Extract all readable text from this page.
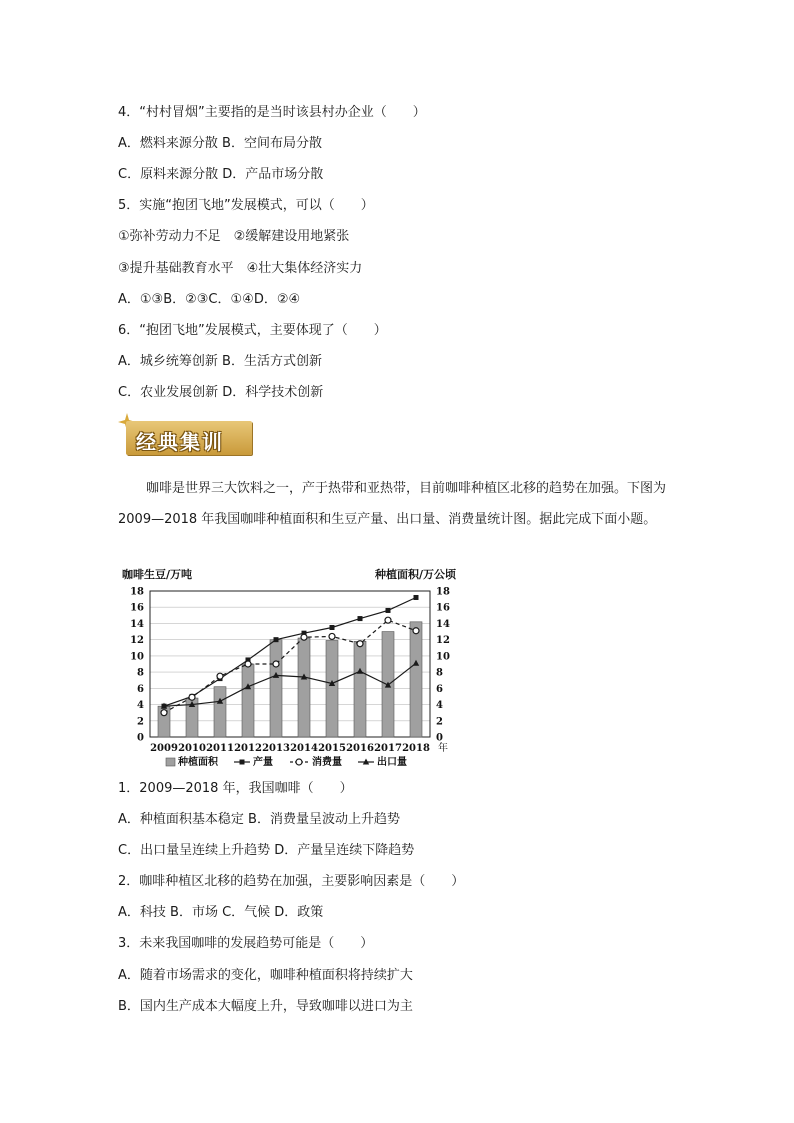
4．“村村冒烟”主要指的是当时该县村办企业（　　）
A．燃料来源分散 B．空间布局分散
C．原料来源分散 D．产品市场分散
5．实施“抱团飞地”发展模式，可以（　　）
①弥补劳动力不足　②缓解建设用地紧张
③提升基础教育水平　④壮大集体经济实力
A．①③B．②③C．①④D．②④
6．“抱团飞地”发展模式，主要体现了（　　）
A．城乡统筹创新 B．生活方式创新
C．农业发展创新 D．科学技术创新
经典集训
咖啡是世界三大饮料之一，产于热带和亚热带，目前咖啡种植区北移的趋势在加强。下图为 2009—2018 年我国咖啡种植面积和生豆产量、出口量、消费量统计图。据此完成下面小题。
咖啡生豆/万吨	种植面积/万公顷
0	0
2	2
4	4
6	6
8	8
10	10
12	12
14	14
16	16
18	18
2009 2010 2011 2012 2013 2014 2015 2016 2017 2018 年
种植面积	产量	消费量	出口量
1．2009—2018 年，我国咖啡（　　）
A．种植面积基本稳定 B．消费量呈波动上升趋势
C．出口量呈连续上升趋势 D．产量呈连续下降趋势
2．咖啡种植区北移的趋势在加强，主要影响因素是（　　）
A．科技 B．市场 C．气候 D．政策
3．未来我国咖啡的发展趋势可能是（　　）
A．随着市场需求的变化，咖啡种植面积将持续扩大
B．国内生产成本大幅度上升，导致咖啡以进口为主
